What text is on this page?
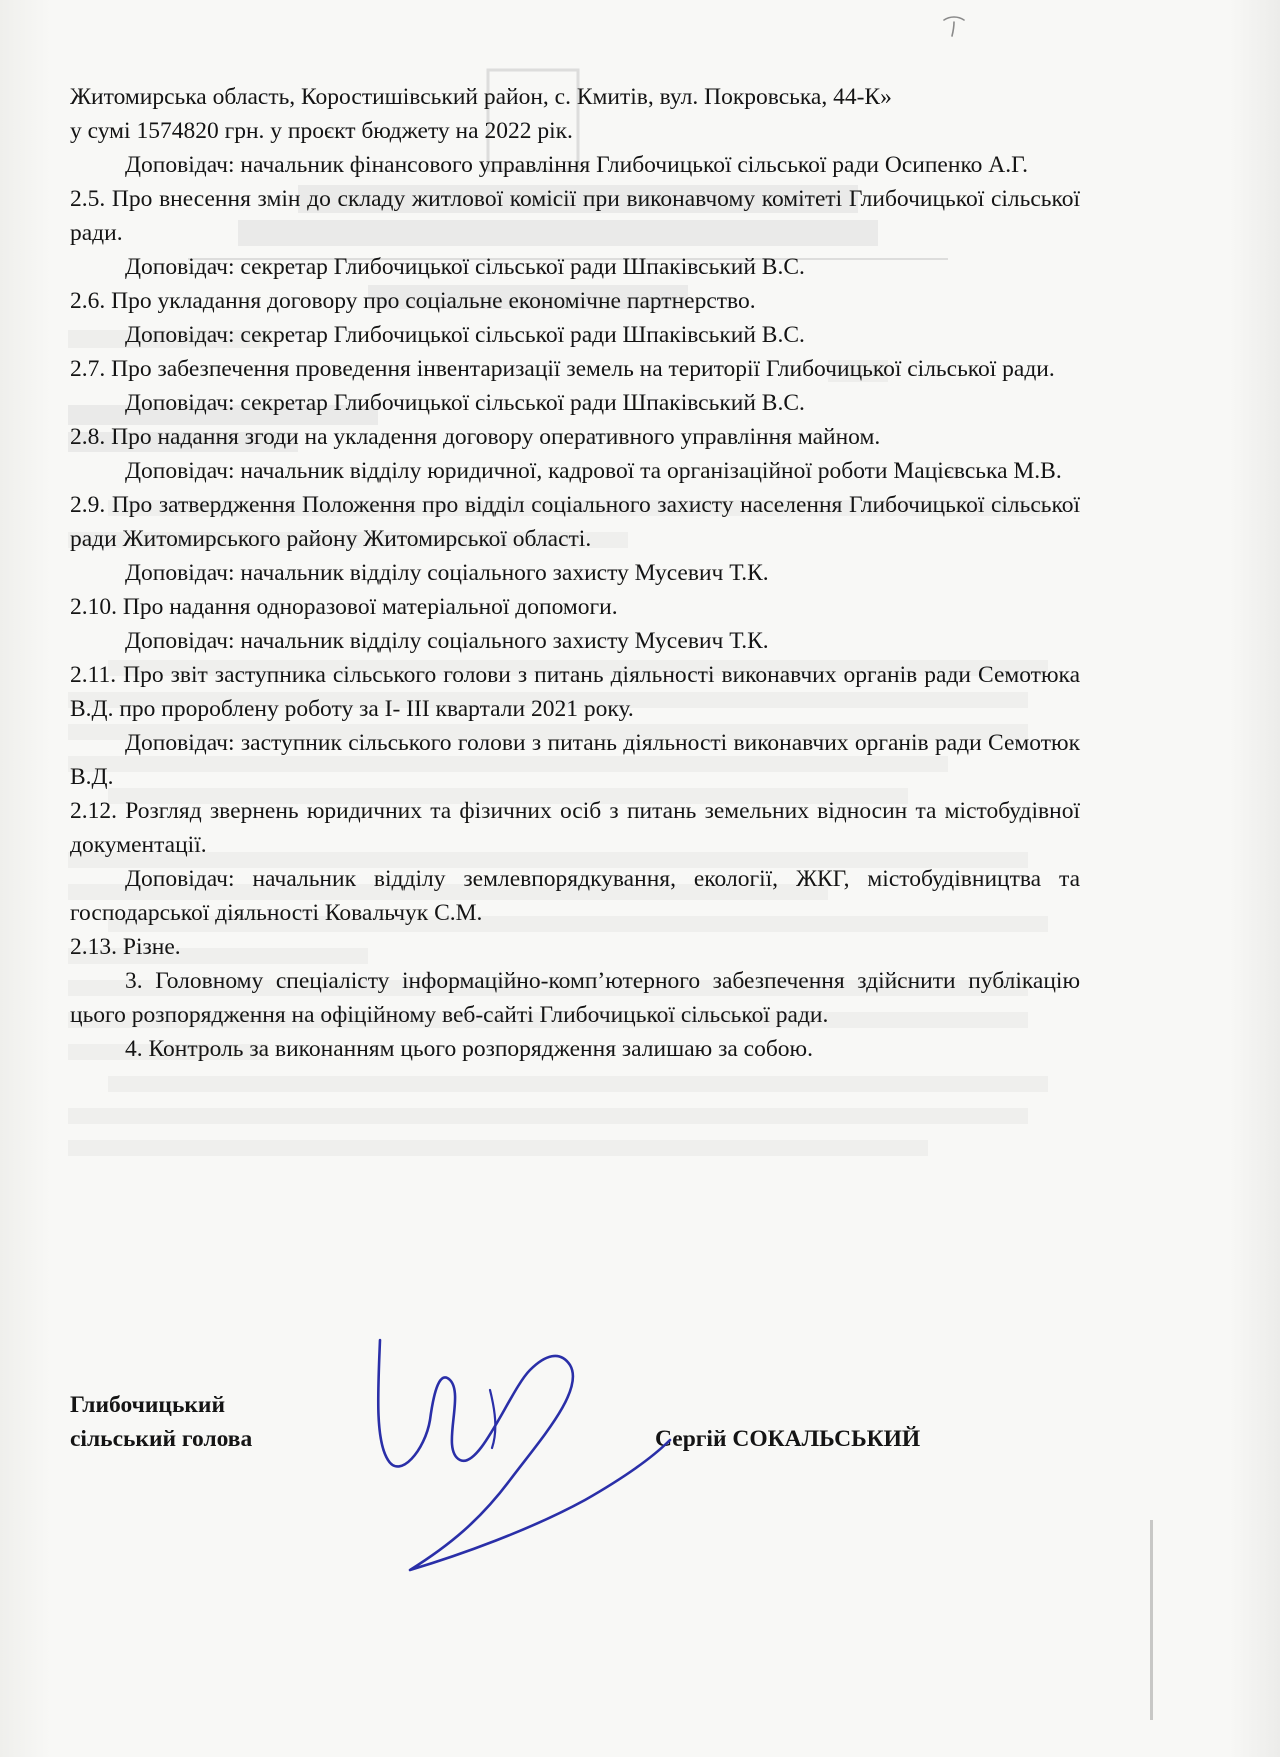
Житомирська область, Коростишівський район, с. Кмитів, вул. Покровська, 44-К»

у сумі 1574820 грн. у проєкт бюджету на 2022 рік.

Доповідач: начальник фінансового управління Глибочицької сільської ради Осипенко А.Г.

2.5. Про внесення змін до складу житлової комісії при виконавчому комітеті Глибочицької сільської ради.

Доповідач: секретар Глибочицької сільської ради Шпаківський В.С.

2.6. Про укладання договору про соціальне економічне партнерство.

Доповідач: секретар Глибочицької сільської ради Шпаківський В.С.

2.7. Про забезпечення проведення інвентаризації земель на території Глибочицької сільської ради.

Доповідач: секретар Глибочицької сільської ради Шпаківський В.С.

2.8. Про надання згоди на укладення договору оперативного управління майном.

Доповідач: начальник відділу юридичної, кадрової та організаційної роботи Мацієвська М.В.

2.9. Про затвердження Положення про відділ соціального захисту населення Глибочицької сільської ради Житомирського району Житомирської області.

Доповідач: начальник відділу соціального захисту Мусевич Т.К.

2.10. Про надання одноразової матеріальної допомоги.

Доповідач: начальник відділу соціального захисту Мусевич Т.К.

2.11. Про звіт заступника сільського голови з питань діяльності виконавчих органів ради Семотюка В.Д. про пророблену роботу за І- ІІІ квартали 2021 року.

Доповідач: заступник сільського голови з питань діяльності виконавчих органів ради Семотюк В.Д.

2.12. Розгляд звернень юридичних та фізичних осіб з питань земельних відносин та містобудівної документації.

Доповідач: начальник відділу землевпорядкування, екології, ЖКГ, містобудівництва та господарської діяльності Ковальчук С.М.

2.13. Різне.

3. Головному спеціалісту інформаційно-комп’ютерного забезпечення здійснити публікацію цього розпорядження на офіційному веб-сайті Глибочицької сільської ради.

4. Контроль за виконанням цього розпорядження залишаю за собою.

Глибочицький
сільський голова	Сергій СОКАЛЬСЬКИЙ
